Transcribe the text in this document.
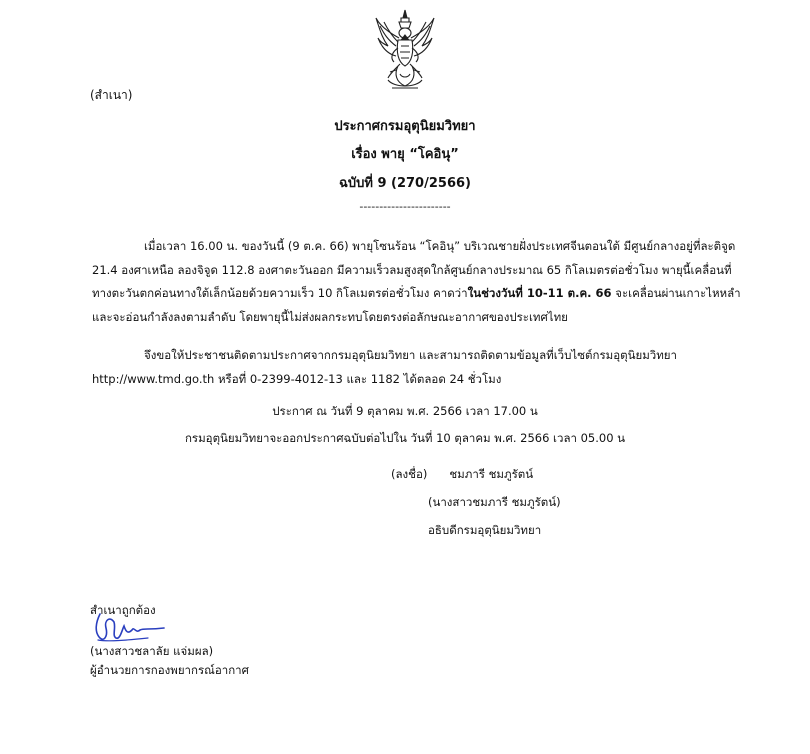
(สำเนา)
ประกาศกรมอุตุนิยมวิทยา
เรื่อง พายุ “โคอินุ”
ฉบับที่ 9 (270/2566)
-----------------------

เมื่อเวลา 16.00 น. ของวันนี้ (9 ต.ค. 66) พายุโซนร้อน “โคอินุ” บริเวณชายฝั่งประเทศจีนตอนใต้ มีศูนย์กลางอยู่ที่ละติจูด

21.4 องศาเหนือ ลองจิจูด 112.8 องศาตะวันออก มีความเร็วลมสูงสุดใกล้ศูนย์กลางประมาณ 65 กิโลเมตรต่อชั่วโมง พายุนี้เคลื่อนที่

ทางตะวันตกค่อนทางใต้เล็กน้อยด้วยความเร็ว 10 กิโลเมตรต่อชั่วโมง คาดว่าในช่วงวันที่ 10-11 ต.ค. 66 จะเคลื่อนผ่านเกาะไหหลำ

และจะอ่อนกำลังลงตามลำดับ โดยพายุนี้ไม่ส่งผลกระทบโดยตรงต่อลักษณะอากาศของประเทศไทย

จึงขอให้ประชาชนติดตามประกาศจากกรมอุตุนิยมวิทยา และสามารถติดตามข้อมูลที่เว็บไซต์กรมอุตุนิยมวิทยา

http://www.tmd.go.th หรือที่ 0-2399-4012-13 และ 1182 ได้ตลอด 24 ชั่วโมง

ประกาศ ณ วันที่ 9 ตุลาคม พ.ศ. 2566 เวลา 17.00 น
กรมอุตุนิยมวิทยาจะออกประกาศฉบับต่อไปใน วันที่ 10 ตุลาคม พ.ศ. 2566 เวลา 05.00 น
(ลงชื่อ) ชมภารี ชมภูรัตน์
(นางสาวชมภารี ชมภูรัตน์)
อธิบดีกรมอุตุนิยมวิทยา
สำเนาถูกต้อง
(นางสาวชลาลัย แจ่มผล)
ผู้อำนวยการกองพยากรณ์อากาศ
